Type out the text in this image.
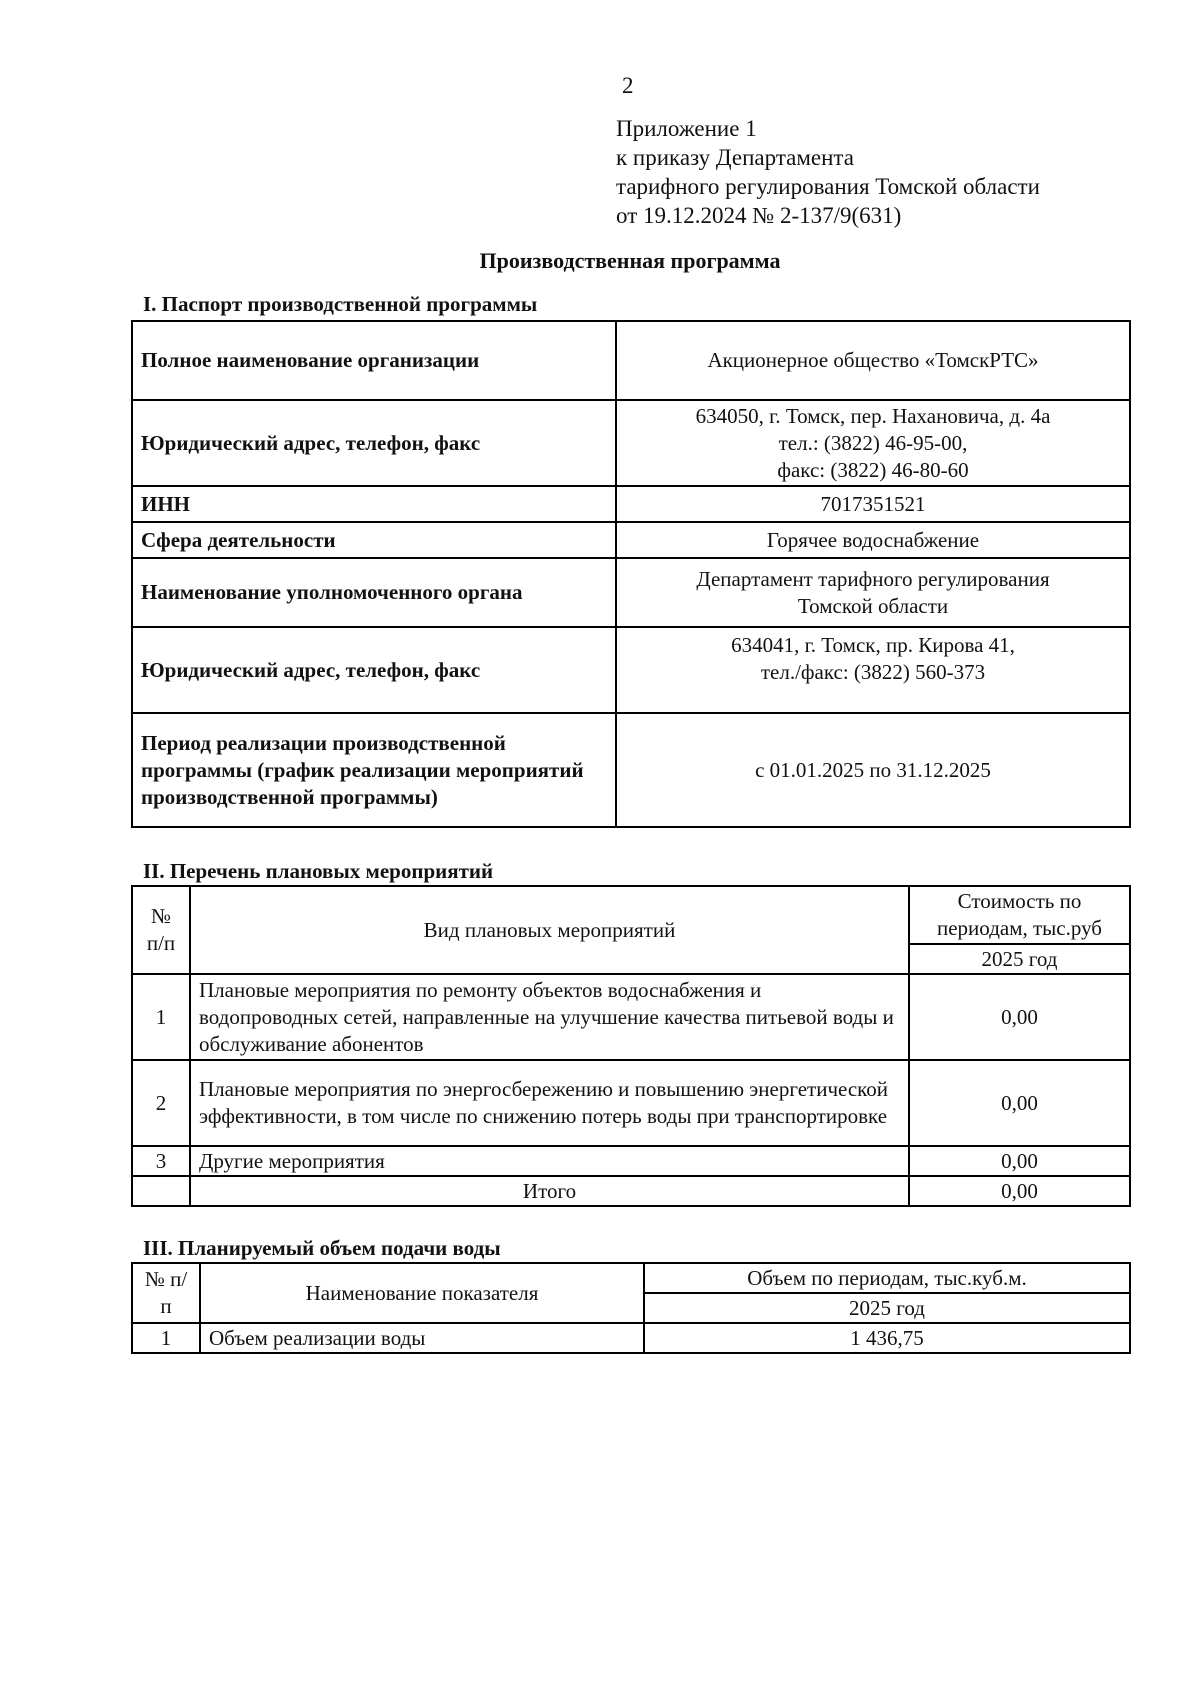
2
Приложение 1
к приказу Департамента
тарифного регулирования Томской области
от 19.12.2024 № 2-137/9(631)
Производственная программа
I. Паспорт производственной программы
Полное наименование организации	Акционерное общество «ТомскРТС»

Юридический адрес, телефон, факс	634050, г. Томск, пер. Нахановича, д. 4а
тел.: (3822) 46-95-00,
факс: (3822) 46-80-60

ИНН	7017351521

Сфера деятельности	Горячее водоснабжение

Наименование уполномоченного органа	Департамент тарифного регулирования
Томской области

Юридический адрес, телефон, факс	634041, г. Томск, пр. Кирова 41,
тел./факс: (3822) 560-373

Период реализации производственной программы (график реализации мероприятий производственной программы)	с 01.01.2025 по 31.12.2025
II. Перечень плановых мероприятий
№ п/п	Вид плановых мероприятий	Стоимость по периодам, тыс.руб
		2025 год
1	Плановые мероприятия по ремонту объектов водоснабжения и водопроводных сетей, направленные на улучшение качества питьевой воды и обслуживание абонентов	0,00
2	Плановые мероприятия по энергосбережению и повышению энергетической эффективности, в том числе по снижению потерь воды при транспортировке	0,00
3	Другие мероприятия	0,00
	Итого	0,00
III. Планируемый объем подачи воды
№ п/п	Наименование показателя	Объем по периодам, тыс.куб.м.
		2025 год
1	Объем реализации воды	1 436,75
